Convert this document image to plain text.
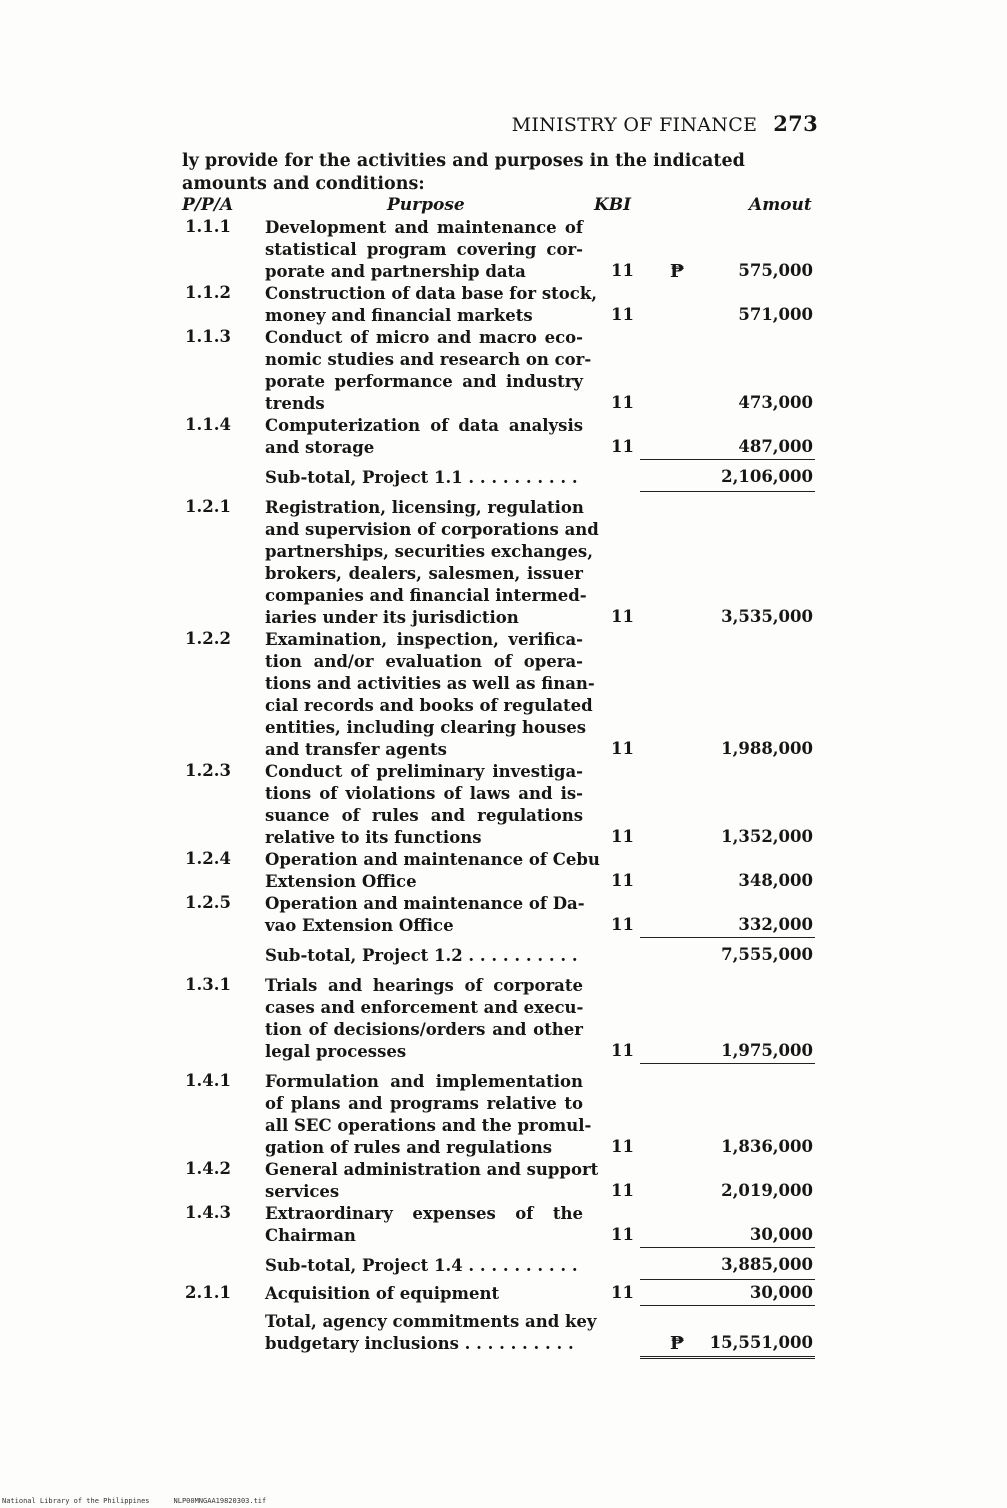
MINISTRY OF FINANCE 273
ly provide for the activities and purposes in the indicated amounts and conditions:
P/P/A	Purpose	KBI	Amout
1.1.1 Development and maintenance of
statistical program covering cor-
porate and partnership data	11	575,000
₱
1.1.2 Construction of data base for stock,
money and financial markets	11	571,000
1.1.3 Conduct of micro and macro eco-
nomic studies and research on cor-
porate performance and industry
trends	11	473,000
1.1.4 Computerization of data analysis
and storage	11	487,000
Sub-total, Project 1.1 . . . . . . . . . .	2,106,000
1.2.1 Registration, licensing, regulation
and supervision of corporations and
partnerships, securities exchanges,
brokers, dealers, salesmen, issuer
companies and financial intermed-
iaries under its jurisdiction	11	3,535,000
1.2.2 Examination, inspection, verifica-
tion and/or evaluation of opera-
tions and activities as well as finan-
cial records and books of regulated
entities, including clearing houses
and transfer agents	11	1,988,000
1.2.3 Conduct of preliminary investiga-
tions of violations of laws and is-
suance of rules and regulations
relative to its functions	11	1,352,000
1.2.4 Operation and maintenance of Cebu
Extension Office	11	348,000
1.2.5 Operation and maintenance of Da-
vao Extension Office	11	332,000
Sub-total, Project 1.2 . . . . . . . . . .	7,555,000
1.3.1 Trials and hearings of corporate
cases and enforcement and execu-
tion of decisions/orders and other
legal processes	11	1,975,000
1.4.1 Formulation and implementation
of plans and programs relative to
all SEC operations and the promul-
gation of rules and regulations	11	1,836,000
1.4.2 General administration and support
services	11	2,019,000
1.4.3 Extraordinary expenses of the
Chairman	11	30,000
Sub-total, Project 1.4 . . . . . . . . . .	3,885,000
2.1.1 Acquisition of equipment	11	30,000
Total, agency commitments and key
budgetary inclusions . . . . . . . . . .	₱ 15,551,000
National Library of the Philippines	NLP00MNGAA19820303.tif
